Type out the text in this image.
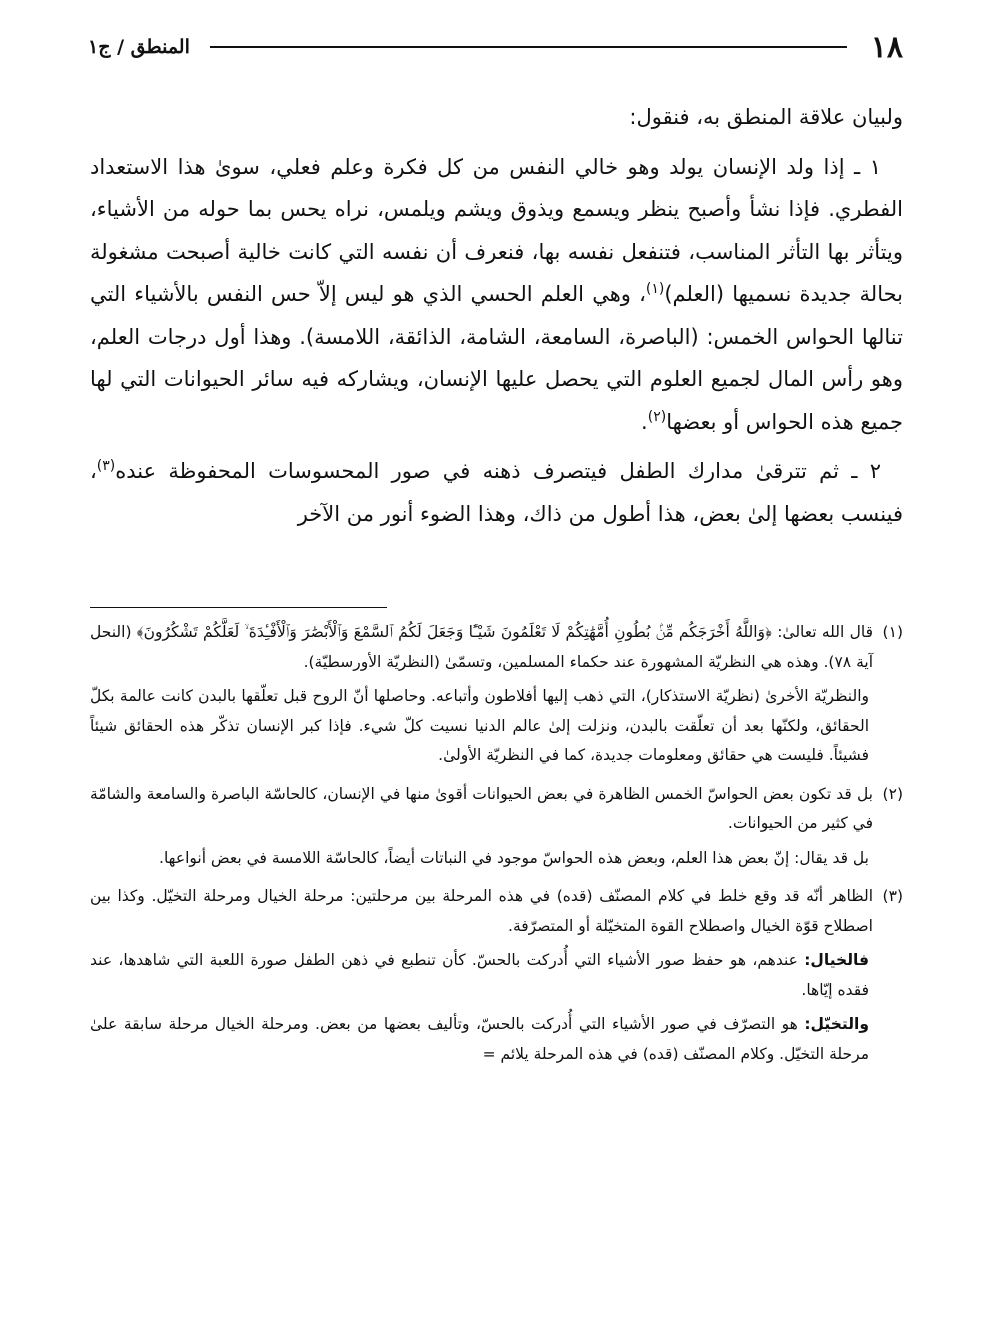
١٨
المنطق / ج١

ولبيان علاقة المنطق به، فنقول:

١ ـ إذا ولد الإنسان يولد وهو خالي النفس من كل فكرة وعلم فعلي، سوىٰ هذا الاستعداد الفطري. فإذا نشأ وأصبح ينظر ويسمع ويذوق ويشم ويلمس، نراه يحس بما حوله من الأشياء، ويتأثر بها التأثر المناسب، فتنفعل نفسه بها، فنعرف أن نفسه التي كانت خالية أصبحت مشغولة بحالة جديدة نسميها (العلم)$^{(١)}$، وهي العلم الحسي الذي هو ليس إلاّ حس النفس بالأشياء التي تنالها الحواس الخمس: (الباصرة، السامعة، الشامة، الذائقة، اللامسة). وهذا أول درجات العلم، وهو رأس المال لجميع العلوم التي يحصل عليها الإنسان، ويشاركه فيه سائر الحيوانات التي لها جميع هذه الحواس أو بعضها$^{(٢)}$.

٢ ـ ثم تترقىٰ مدارك الطفل فيتصرف ذهنه في صور المحسوسات المحفوظة عنده$^{(٣)}$، فينسب بعضها إلىٰ بعض، هذا أطول من ذاك، وهذا الضوء أنور من الآخر

(١)

قال الله تعالىٰ: ﴿وَاللَّهُ أَخْرَجَكُم مِّنۢ بُطُونِ أُمَّهَٰتِكُمْ لَا تَعْلَمُونَ شَيْـًٔا وَجَعَلَ لَكُمُ ٱلسَّمْعَ وَٱلْأَبْصَٰرَ وَٱلْأَفْـِٔدَةَ ۙ لَعَلَّكُمْ تَشْكُرُونَ﴾ (النحل آية ٧٨). وهذه هي النظريّة المشهورة عند حكماء المسلمين، وتسمّىٰ (النظريّة الأورسطيّة).

والنظريّة الأخرىٰ (نظريّة الاستذكار)، التي ذهب إليها أفلاطون وأتباعه. وحاصلها أنّ الروح قبل تعلّقها بالبدن كانت عالمة بكلّ الحقائق، ولكنّها بعد أن تعلّقت بالبدن، ونزلت إلىٰ عالم الدنيا نسيت كلّ شيء. فإذا كبر الإنسان تذكّر هذه الحقائق شيئاً فشيئاً. فليست هي حقائق ومعلومات جديدة، كما في النظريّة الأولىٰ.

(٢)

بل قد تكون بعض الحواسّ الخمس الظاهرة في بعض الحيوانات أقوىٰ منها في الإنسان، كالحاسّة الباصرة والسامعة والشامّة في كثير من الحيوانات.

بل قد يقال: إنّ بعض هذا العلم، وبعض هذه الحواسّ موجود في النباتات أيضاً، كالحاسّة اللامسة في بعض أنواعها.

(٣)

الظاهر أنّه قد وقع خلط في كلام المصنّف (قده) في هذه المرحلة بين مرحلتين: مرحلة الخيال ومرحلة التخيّل. وكذا بين اصطلاح قوّة الخيال واصطلاح القوة المتخيّلة أو المتصرّفة.

فالخيال: عندهم، هو حفظ صور الأشياء التي أُدركت بالحسّ. كأن تنطبع في ذهن الطفل صورة اللعبة التي شاهدها، عند فقده إيّاها.

والتخيّل: هو التصرّف في صور الأشياء التي أُدركت بالحسّ، وتأليف بعضها من بعض. ومرحلة الخيال مرحلة سابقة علىٰ مرحلة التخيّل. وكلام المصنّف (قده) في هذه المرحلة يلائم =
